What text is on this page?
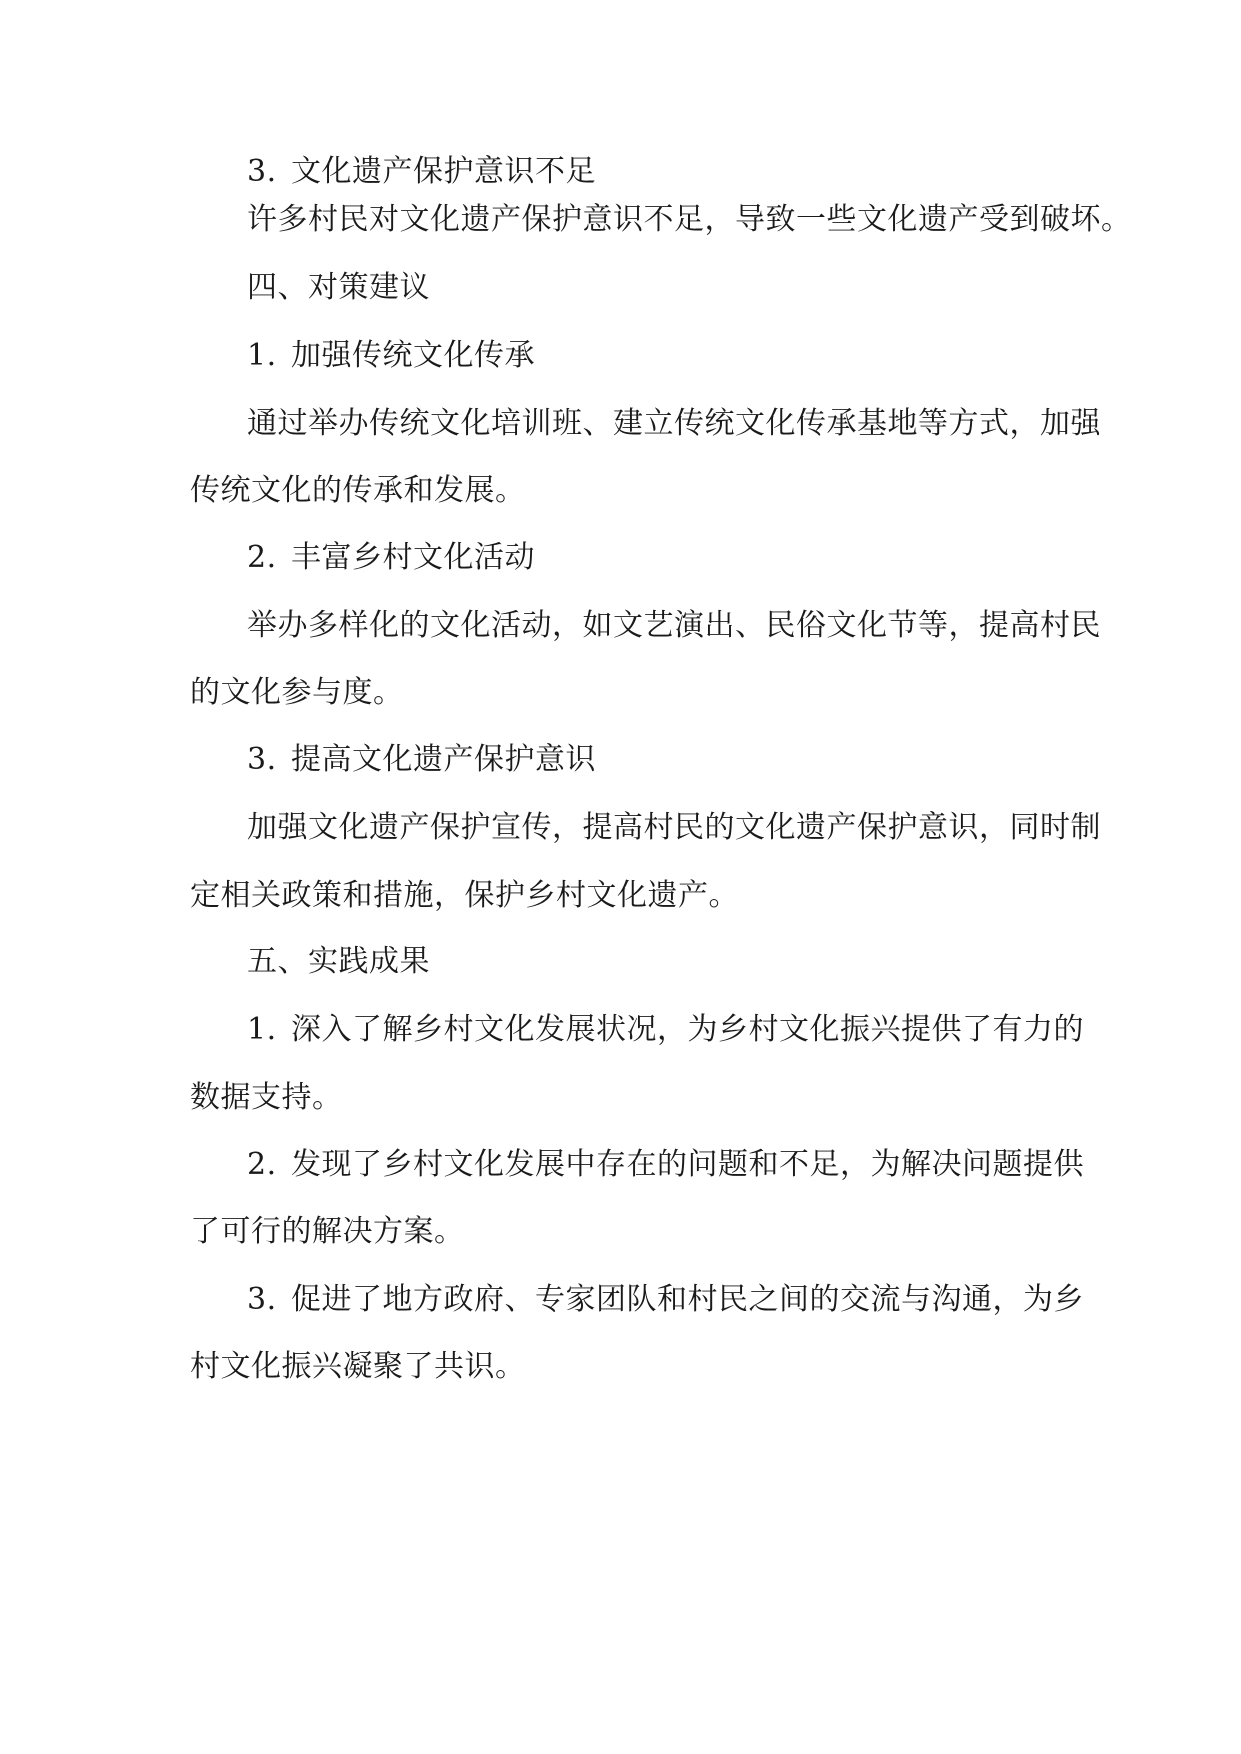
3. 文化遗产保护意识不足
许多村民对文化遗产保护意识不足，导致一些文化遗产受到破坏。
四、对策建议
1. 加强传统文化传承
通过举办传统文化培训班、建立传统文化传承基地等方式，加强
传统文化的传承和发展。
2. 丰富乡村文化活动
举办多样化的文化活动，如文艺演出、民俗文化节等，提高村民
的文化参与度。
3. 提高文化遗产保护意识
加强文化遗产保护宣传，提高村民的文化遗产保护意识，同时制
定相关政策和措施，保护乡村文化遗产。
五、实践成果
1. 深入了解乡村文化发展状况，为乡村文化振兴提供了有力的
数据支持。
2. 发现了乡村文化发展中存在的问题和不足，为解决问题提供
了可行的解决方案。
3. 促进了地方政府、专家团队和村民之间的交流与沟通，为乡
村文化振兴凝聚了共识。
